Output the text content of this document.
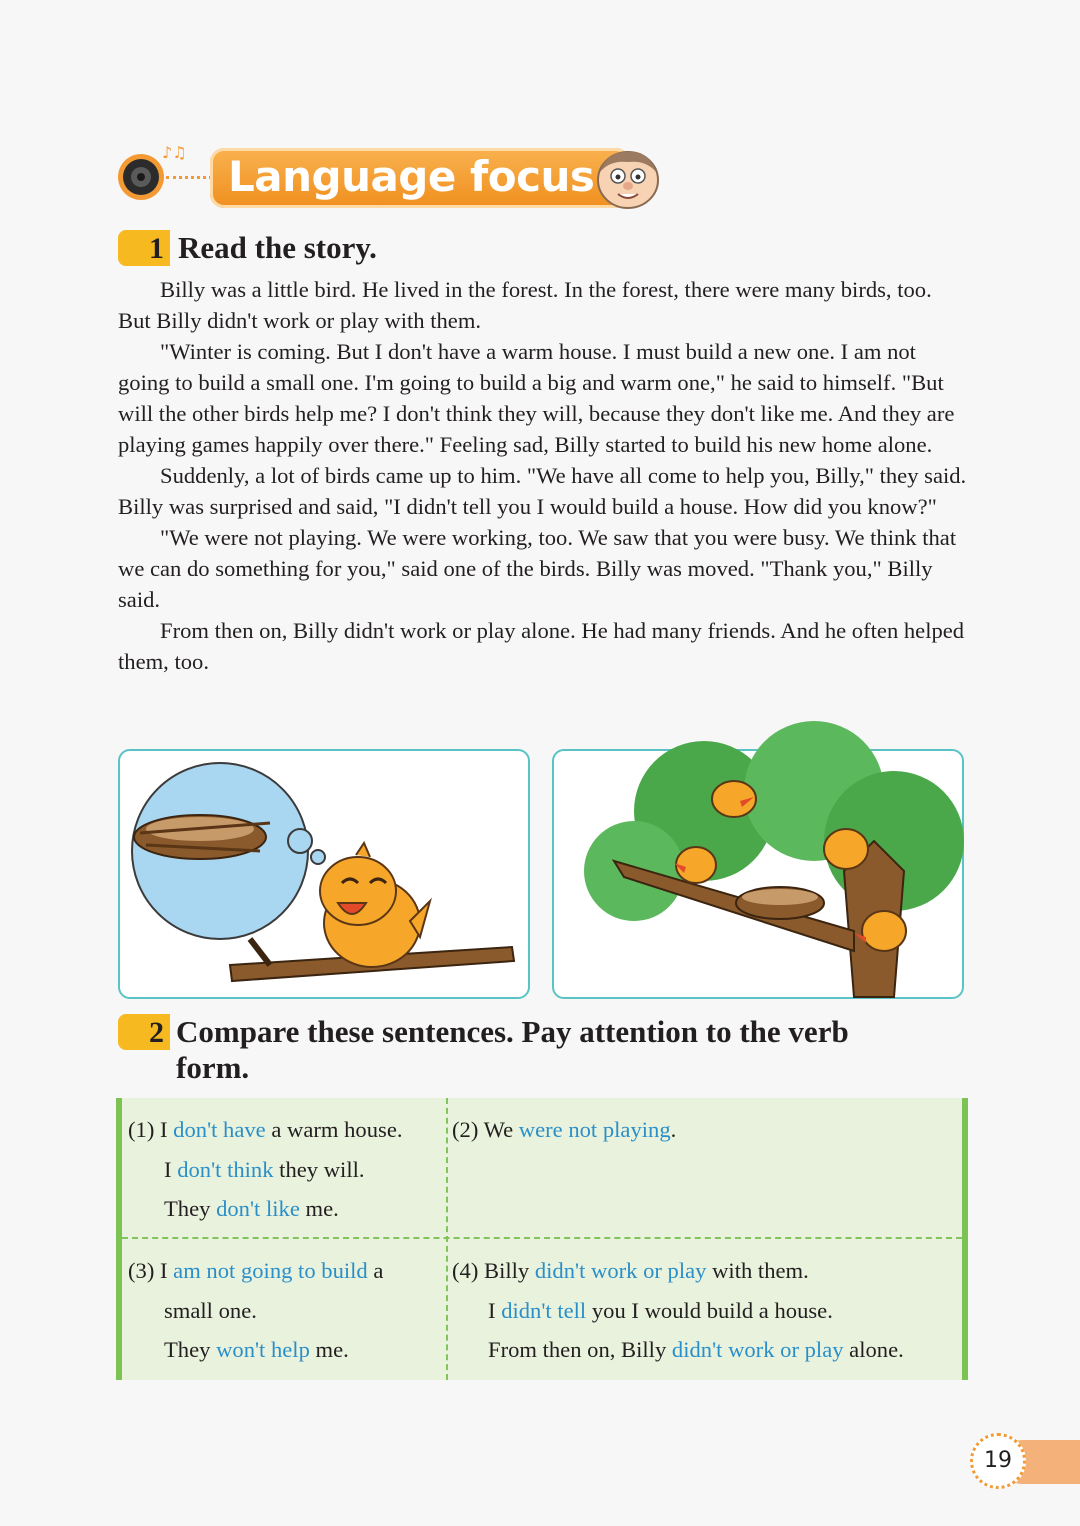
♪♫ Language focus
1 Read the story.

Billy was a little bird. He lived in the forest. In the forest, there were many birds, too. But Billy didn't work or play with them.

"Winter is coming. But I don't have a warm house. I must build a new one. I am not going to build a small one. I'm going to build a big and warm one," he said to himself. "But will the other birds help me? I don't think they will, because they don't like me. And they are playing games happily over there." Feeling sad, Billy started to build his new home alone.

Suddenly, a lot of birds came up to him. "We have all come to help you, Billy," they said. Billy was surprised and said, "I didn't tell you I would build a house. How did you know?"

"We were not playing. We were working, too. We saw that you were busy. We think that we can do something for you," said one of the birds. Billy was moved. "Thank you," Billy said.

From then on, Billy didn't work or play alone. He had many friends. And he often helped them, too.

2 Compare these sentences. Pay attention to the verb
form.
(1) I don't have a warm house.
I don't think they will.
They don't like me.
(2) We were not playing.
(3) I am not going to build a
small one.
They won't help me.
(4) Billy didn't work or play with them.
I didn't tell you I would build a house.
From then on, Billy didn't work or play alone.
19
